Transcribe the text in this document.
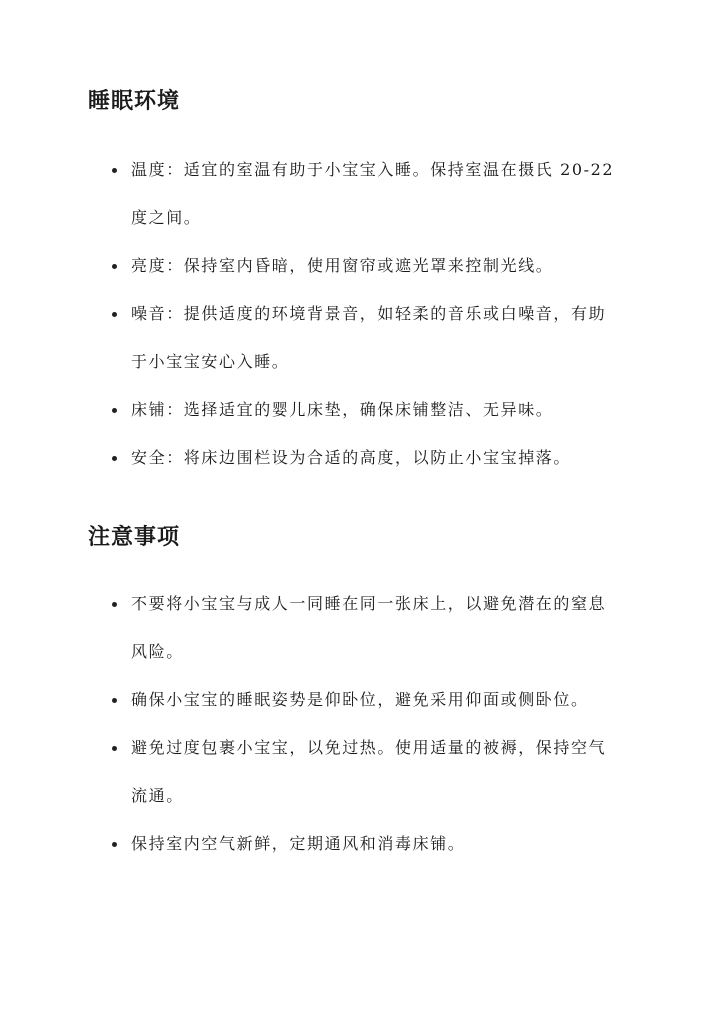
睡眠环境
温度：适宜的室温有助于小宝宝入睡。保持室温在摄氏 20-22 度之间。
亮度：保持室内昏暗，使用窗帘或遮光罩来控制光线。
噪音：提供适度的环境背景音，如轻柔的音乐或白噪音，有助于小宝宝安心入睡。
床铺：选择适宜的婴儿床垫，确保床铺整洁、无异味。
安全：将床边围栏设为合适的高度，以防止小宝宝掉落。
注意事项
不要将小宝宝与成人一同睡在同一张床上，以避免潜在的窒息风险。
确保小宝宝的睡眠姿势是仰卧位，避免采用仰面或侧卧位。
避免过度包裹小宝宝，以免过热。使用适量的被褥，保持空气流通。
保持室内空气新鲜，定期通风和消毒床铺。
